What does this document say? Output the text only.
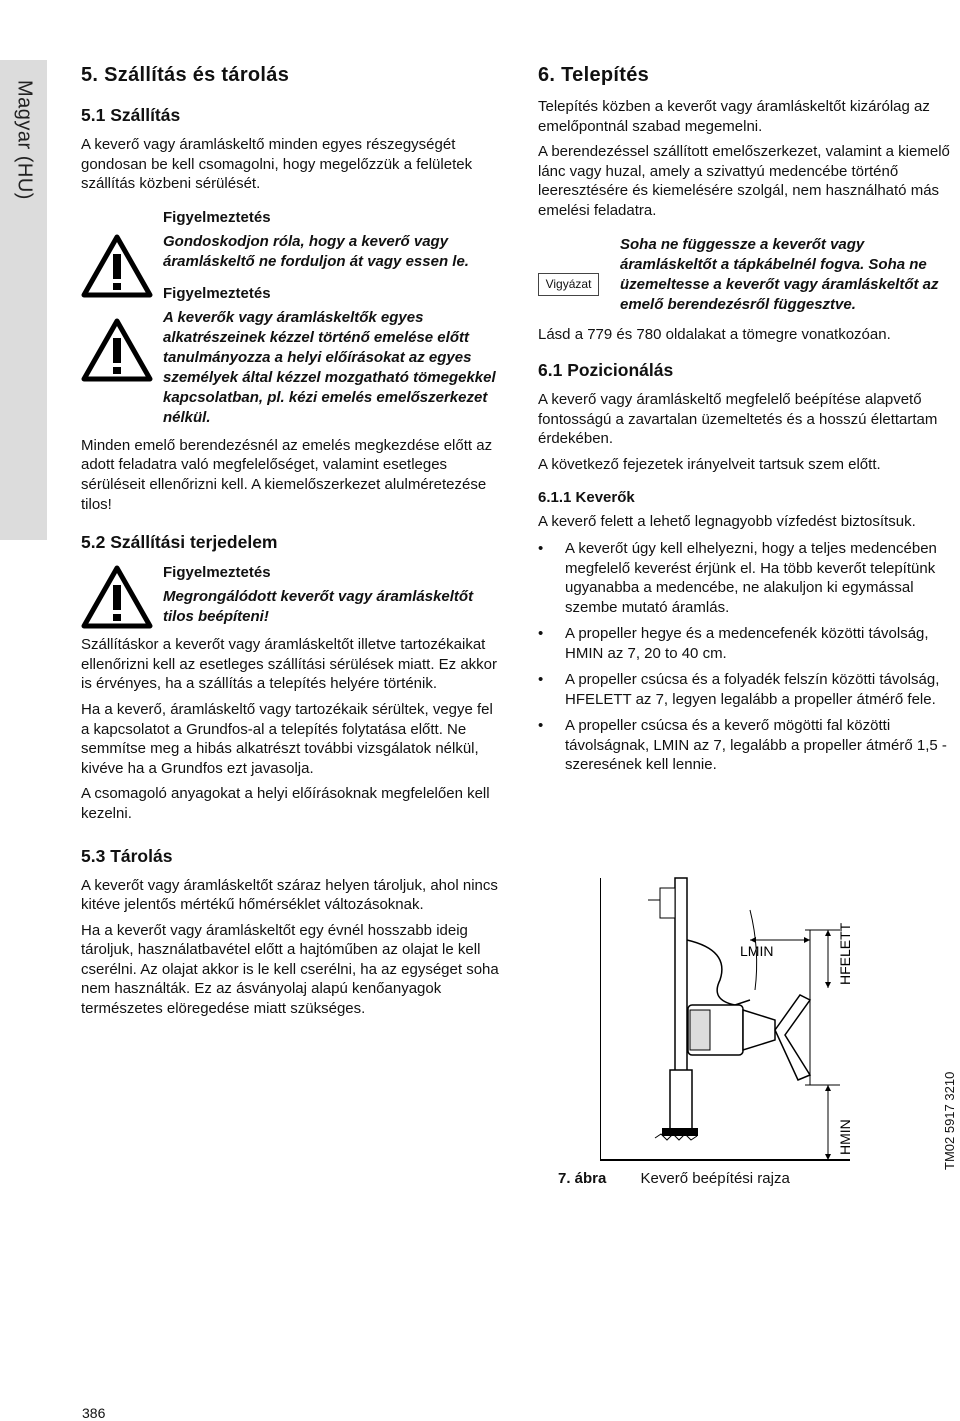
Magyar (HU)
5. Szállítás és tárolás
5.1 Szállítás

A keverő vagy áramláskeltő minden egyes részegységét gondosan be kell csomagolni, hogy megelőzzük a felületek szállítás közbeni sérülését.

Figyelmeztetés

Gondoskodjon róla, hogy a keverő vagy áramláskeltő ne forduljon át vagy essen le.

Figyelmeztetés

A keverők vagy áramláskeltők egyes alkatrészeinek kézzel történő emelése előtt tanulmányozza a helyi előírásokat az egyes személyek által kézzel mozgatható tömegekkel kapcsolatban, pl. kézi emelés emelőszerkezet nélkül.

Minden emelő berendezésnél az emelés megkezdése előtt az adott feladatra való megfelelőséget, valamint esetleges sérüléseit ellenőrizni kell. A kiemelőszerkezet alulméretezése tilos!

5.2 Szállítási terjedelem

Figyelmeztetés

Megrongálódott keverőt vagy áramláskeltőt tilos beépíteni!

Szállításkor a keverőt vagy áramláskeltőt illetve tartozékaikat ellenőrizni kell az esetleges szállítási sérülések miatt. Ez akkor is érvényes, ha a szállítás a telepítés helyére történik.

Ha a keverő, áramláskeltő vagy tartozékaik sérültek, vegye fel a kapcsolatot a Grundfos-al a telepítés folytatása előtt. Ne semmítse meg a hibás alkatrészt további vizsgálatok nélkül, kivéve ha a Grundfos ezt javasolja.

A csomagoló anyagokat a helyi előírásoknak megfelelően kell kezelni.

5.3 Tárolás

A keverőt vagy áramláskeltőt száraz helyen tároljuk, ahol nincs kitéve jelentős mértékű hőmérséklet változásoknak.

Ha a keverőt vagy áramláskeltőt egy évnél hosszabb ideig tároljuk, használatbavétel előtt a hajtóműben az olajat le kell cserélni. Az olajat akkor is le kell cserélni, ha az egységet soha nem használták. Ez az ásványolaj alapú kenőanyagok természetes elöregedése miatt szükséges.

6. Telepítés

Telepítés közben a keverőt vagy áramláskeltőt kizárólag az emelőpontnál szabad megemelni.

A berendezéssel szállított emelőszerkezet, valamint a kiemelő lánc vagy huzal, amely a szivattyú medencébe történő leeresztésére és kiemelésére szolgál, nem használható más emelési feladatra.

Vigyázat

Soha ne függessze a keverőt vagy áramláskeltőt a tápkábelnél fogva. Soha ne üzemeltesse a keverőt vagy áramláskeltőt az emelő berendezésről függesztve.

Lásd a 779 és 780 oldalakat a tömegre vonatkozóan.

6.1 Pozicionálás

A keverő vagy áramláskeltő megfelelő beépítése alapvető fontosságú a zavartalan üzemeltetés és a hosszú élettartam érdekében.

A következő fejezetek irányelveit tartsuk szem előtt.

6.1.1 Keverők

A keverő felett a lehető legnagyobb vízfedést biztosítsuk.

• A keverőt úgy kell elhelyezni, hogy a teljes medencében megfelelő keverést érjünk el. Ha több keverőt telepítünk ugyanabba a medencébe, ne alakuljon ki egymással szembe mutató áramlás.
• A propeller hegye és a medencefenék közötti távolság, HMIN az 7, 20 to 40 cm.
• A propeller csúcsa és a folyadék felszín közötti távolság, HFELETT az 7, legyen legalább a propeller átmérő fele.
• A propeller csúcsa és a keverő mögötti fal közötti távolságnak, LMIN az 7, legalább a propeller átmérő 1,5 - szeresének kell lennie.
LMIN	HFELETT
HMIN
7. ábra Keverő beépítési rajza
TM02 5917 3210
386
